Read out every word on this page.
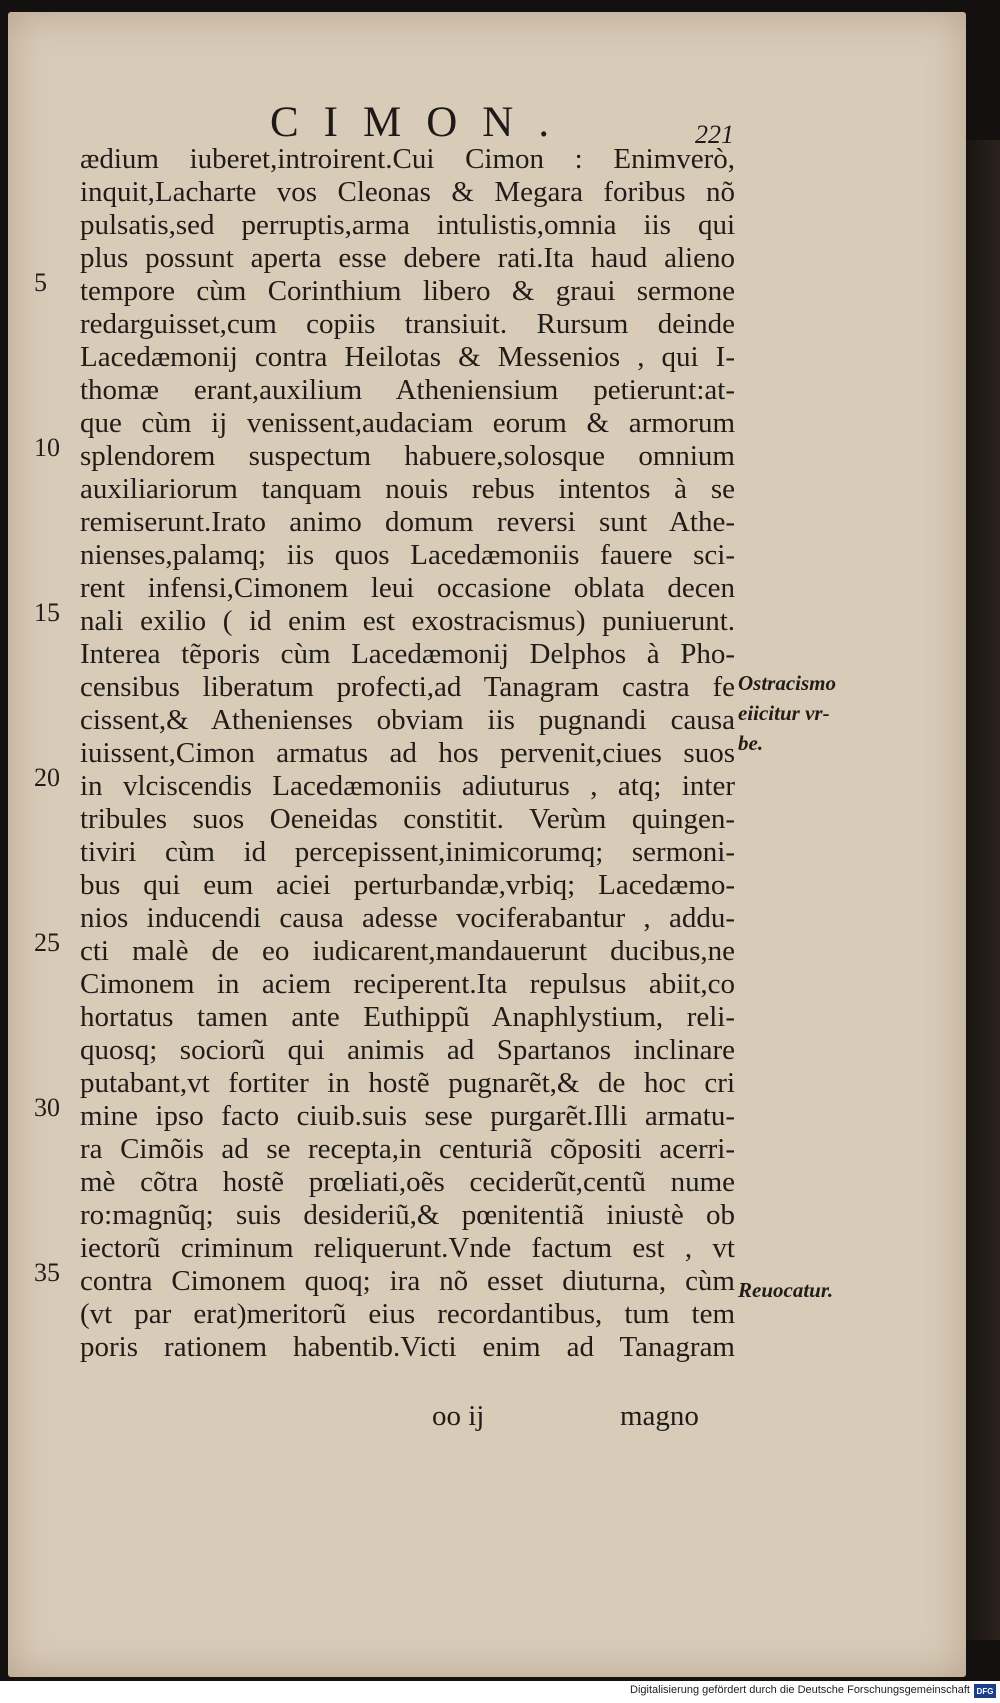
CIMON.	221
ædium iuberet,introirent.Cui Cimon : Enimverò,
inquit,Lacharte vos Cleonas & Megara foribus nõ
pulsatis,sed perruptis,arma intulistis,omnia iis qui
plus possunt aperta esse debere rati.Ita haud alieno
tempore cùm Corinthium libero & graui sermone
redarguisset,cum copiis transiuit. Rursum deinde
Lacedæmonij contra Heilotas & Messenios , qui I-
thomæ erant,auxilium Atheniensium petierunt:at-
que cùm ij venissent,audaciam eorum & armorum
splendorem suspectum habuere,solosque omnium
auxiliariorum tanquam nouis rebus intentos à se
remiserunt.Irato animo domum reversi sunt Athe-
nienses,palamq; iis quos Lacedæmoniis fauere sci-
rent infensi,Cimonem leui occasione oblata decen
nali exilio ( id enim est exostracismus) puniuerunt.
Interea tẽporis cùm Lacedæmonij Delphos à Pho-
censibus liberatum profecti,ad Tanagram castra fe
cissent,& Athenienses obviam iis pugnandi causa
iuissent,Cimon armatus ad hos pervenit,ciues suos
in vlciscendis Lacedæmoniis adiuturus , atq; inter
tribules suos Oeneidas constitit. Verùm quingen-
tiviri cùm id percepissent,inimicorumq; sermoni-
bus qui eum aciei perturbandæ,vrbiq; Lacedæmo-
nios inducendi causa adesse vociferabantur , addu-
cti malè de eo iudicarent,mandauerunt ducibus,ne
Cimonem in aciem reciperent.Ita repulsus abiit,co
hortatus tamen ante Euthippũ Anaphlystium, reli-
quosq; sociorũ qui animis ad Spartanos inclinare
putabant,vt fortiter in hostẽ pugnarẽt,& de hoc cri
mine ipso facto ciuib.suis sese purgarẽt.Illi armatu-
ra Cimõis ad se recepta,in centuriã cõpositi acerri-
mè cõtra hostẽ prœliati,oẽs ceciderũt,centũ nume
ro:magnũq; suis desideriũ,& pœnitentiã iniustè ob
iectorũ criminum reliquerunt.Vnde factum est , vt
contra Cimonem quoq; ira nõ esset diuturna, cùm
(vt par erat)meritorũ eius recordantibus, tum tem
poris rationem habentib.Victi enim ad Tanagram
5
10
15
20
25
30
35
Ostracismo
eiicitur vr-
be.
Reuocatur.
oo ij	magno
Digitalisierung gefördert durch die Deutsche Forschungsgemeinschaft DFG
